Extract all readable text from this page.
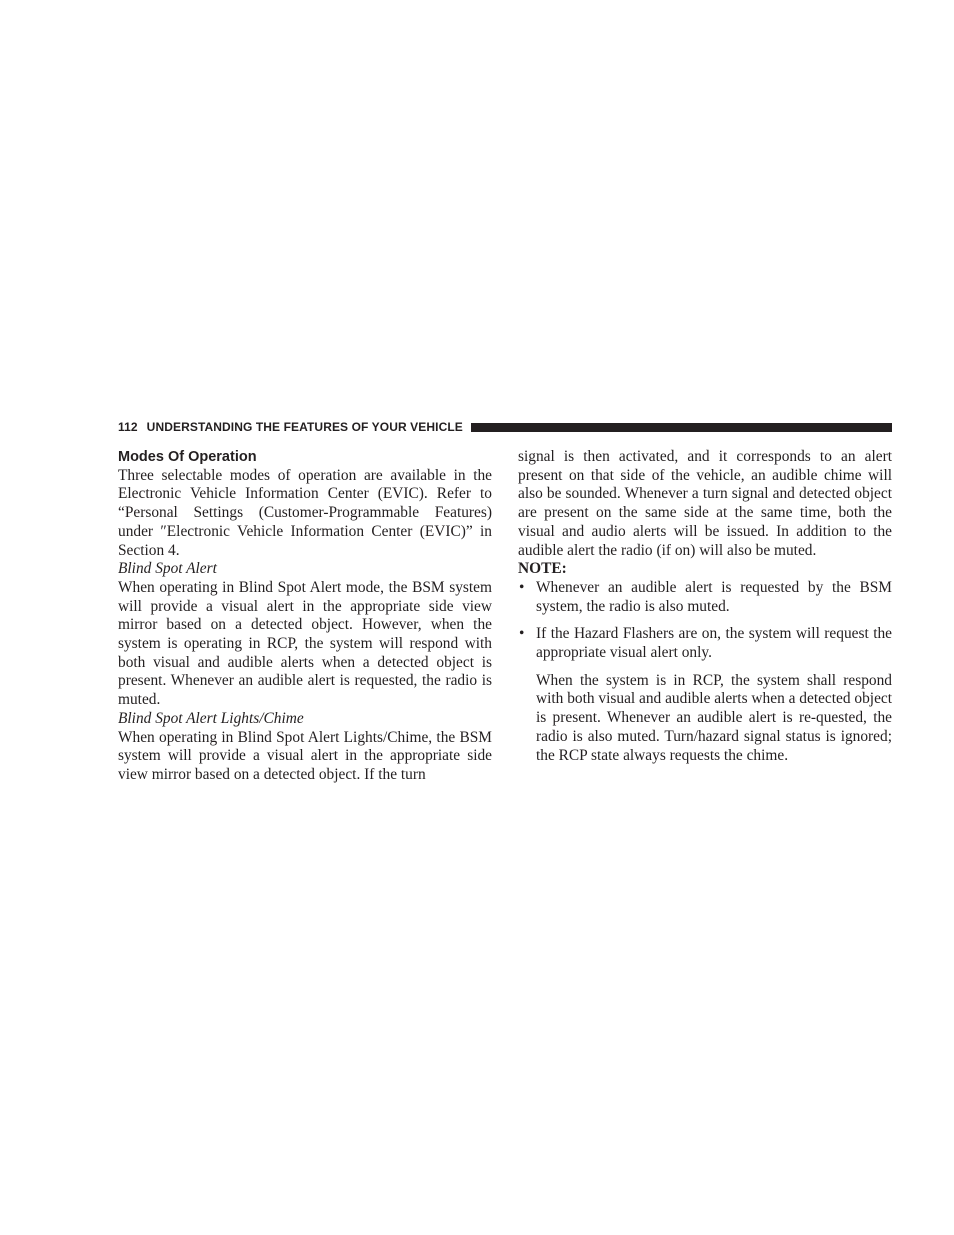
112 UNDERSTANDING THE FEATURES OF YOUR VEHICLE
Modes Of Operation

Three selectable modes of operation are available in the Electronic Vehicle Information Center (EVIC). Refer to “Personal Settings (Customer-Programmable Features) under ″Electronic Vehicle Information Center (EVIC)” in Section 4.

Blind Spot Alert

When operating in Blind Spot Alert mode, the BSM system will provide a visual alert in the appropriate side view mirror based on a detected object. However, when the system is operating in RCP, the system will respond with both visual and audible alerts when a detected object is present. Whenever an audible alert is requested, the radio is muted.

Blind Spot Alert Lights/Chime

When operating in Blind Spot Alert Lights/Chime, the BSM system will provide a visual alert in the appropriate side view mirror based on a detected object. If the turn

signal is then activated, and it corresponds to an alert present on that side of the vehicle, an audible chime will also be sounded. Whenever a turn signal and detected object are present on the same side at the same time, both the visual and audio alerts will be issued. In addition to the audible alert the radio (if on) will also be muted.

NOTE:

• Whenever an audible alert is requested by the BSM system, the radio is also muted.
• If the Hazard Flashers are on, the system will request the appropriate visual alert only.

When the system is in RCP, the system shall respond with both visual and audible alerts when a detected object is present. Whenever an audible alert is re-quested, the radio is also muted. Turn/hazard signal status is ignored; the RCP state always requests the chime.
